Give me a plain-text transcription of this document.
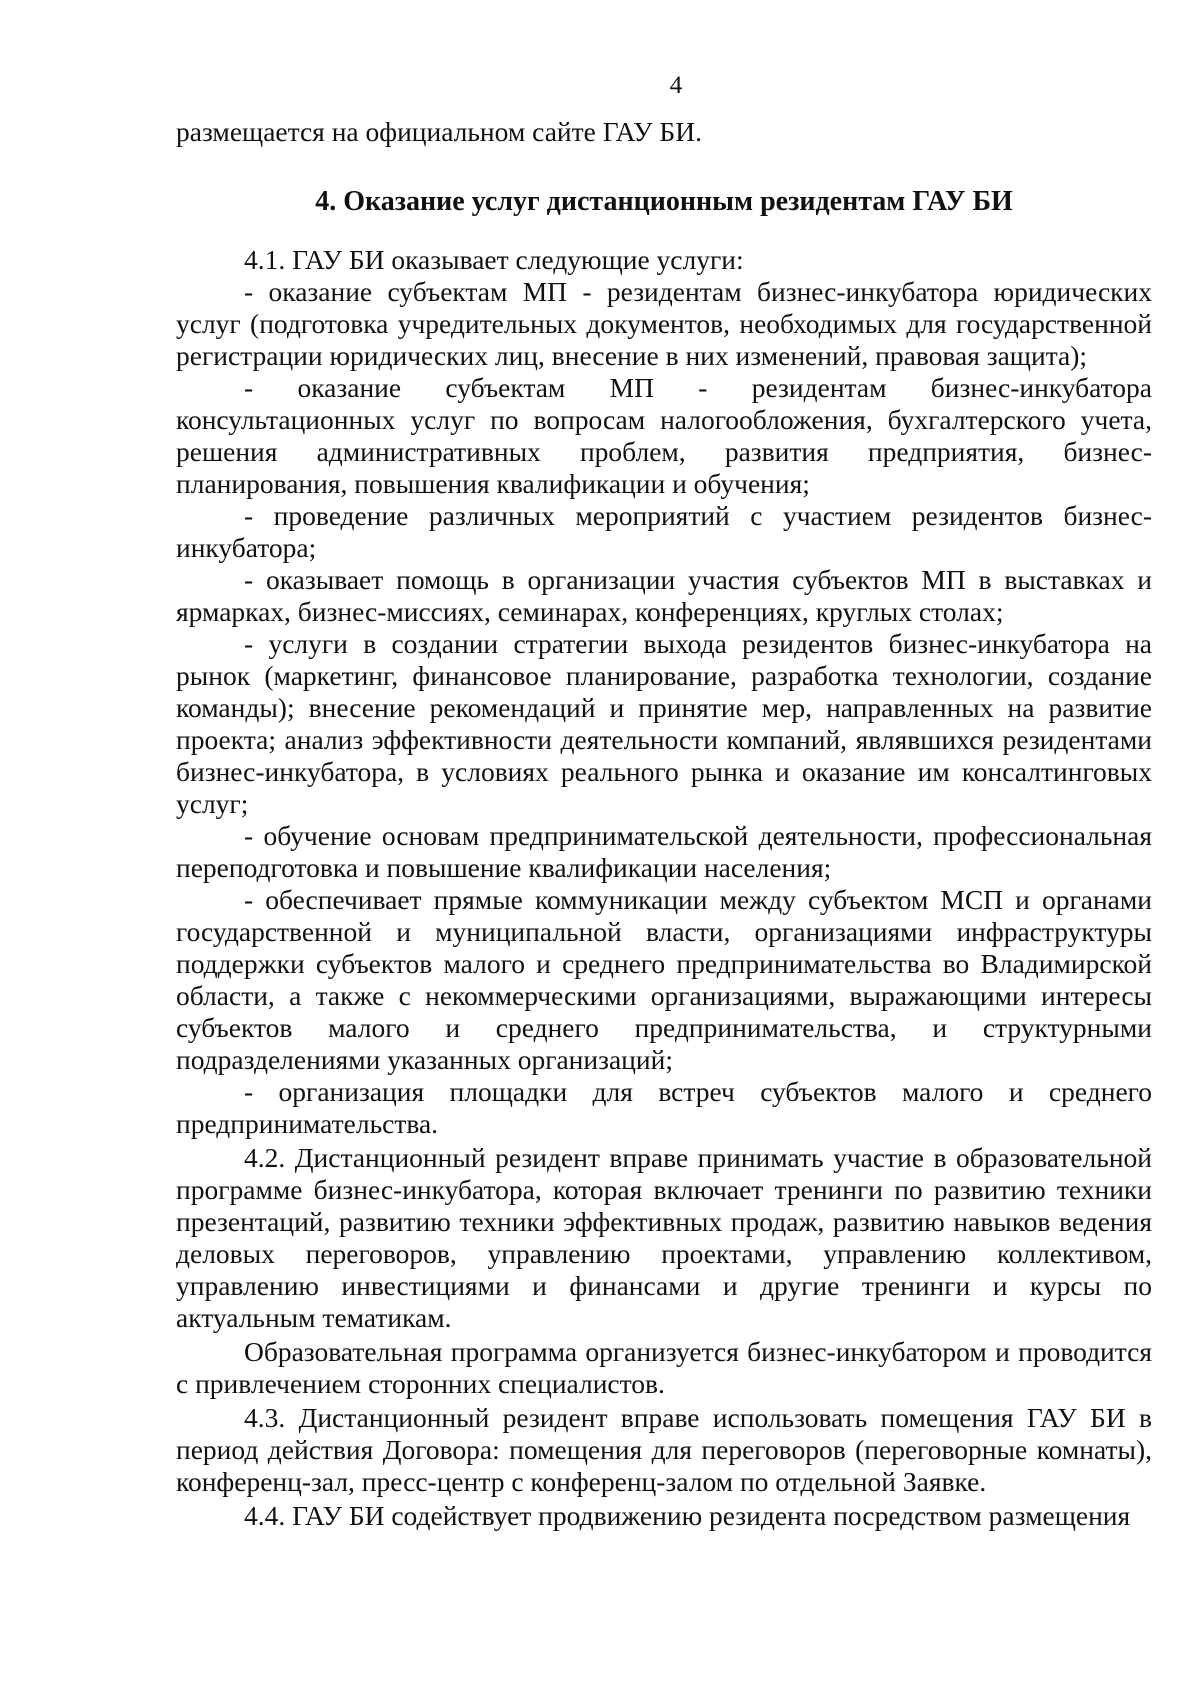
4

размещается на официальном сайте ГАУ БИ.

4. Оказание услуг дистанционным резидентам ГАУ БИ

4.1. ГАУ БИ оказывает следующие услуги:

- оказание субъектам МП - резидентам бизнес-инкубатора юридических услуг (подготовка учредительных документов, необходимых для государственной регистрации юридических лиц, внесение в них изменений, правовая защита);

- оказание субъектам МП - резидентам бизнес-инкубатора консультационных услуг по вопросам налогообложения, бухгалтерского учета, решения административных проблем, развития предприятия, бизнес-планирования, повышения квалификации и обучения;

- проведение различных мероприятий с участием резидентов бизнес-инкубатора;

- оказывает помощь в организации участия субъектов МП в выставках и ярмарках, бизнес-миссиях, семинарах, конференциях, круглых столах;

- услуги в создании стратегии выхода резидентов бизнес-инкубатора на рынок (маркетинг, финансовое планирование, разработка технологии, создание команды); внесение рекомендаций и принятие мер, направленных на развитие проекта; анализ эффективности деятельности компаний, являвшихся резидентами бизнес-инкубатора, в условиях реального рынка и оказание им консалтинговых услуг;

- обучение основам предпринимательской деятельности, профессиональная переподготовка и повышение квалификации населения;

- обеспечивает прямые коммуникации между субъектом МСП и органами государственной и муниципальной власти, организациями инфраструктуры поддержки субъектов малого и среднего предпринимательства во Владимирской области, а также с некоммерческими организациями, выражающими интересы субъектов малого и среднего предпринимательства, и структурными подразделениями указанных организаций;

- организация площадки для встреч субъектов малого и среднего предпринимательства.

4.2. Дистанционный резидент вправе принимать участие в образовательной программе бизнес-инкубатора, которая включает тренинги по развитию техники презентаций, развитию техники эффективных продаж, развитию навыков ведения деловых переговоров, управлению проектами, управлению коллективом, управлению инвестициями и финансами и другие тренинги и курсы по актуальным тематикам.

Образовательная программа организуется бизнес-инкубатором и проводится с привлечением сторонних специалистов.

4.3. Дистанционный резидент вправе использовать помещения ГАУ БИ в период действия Договора: помещения для переговоров (переговорные комнаты), конференц-зал, пресс-центр с конференц-залом по отдельной Заявке.

4.4. ГАУ БИ содействует продвижению резидента посредством размещения
